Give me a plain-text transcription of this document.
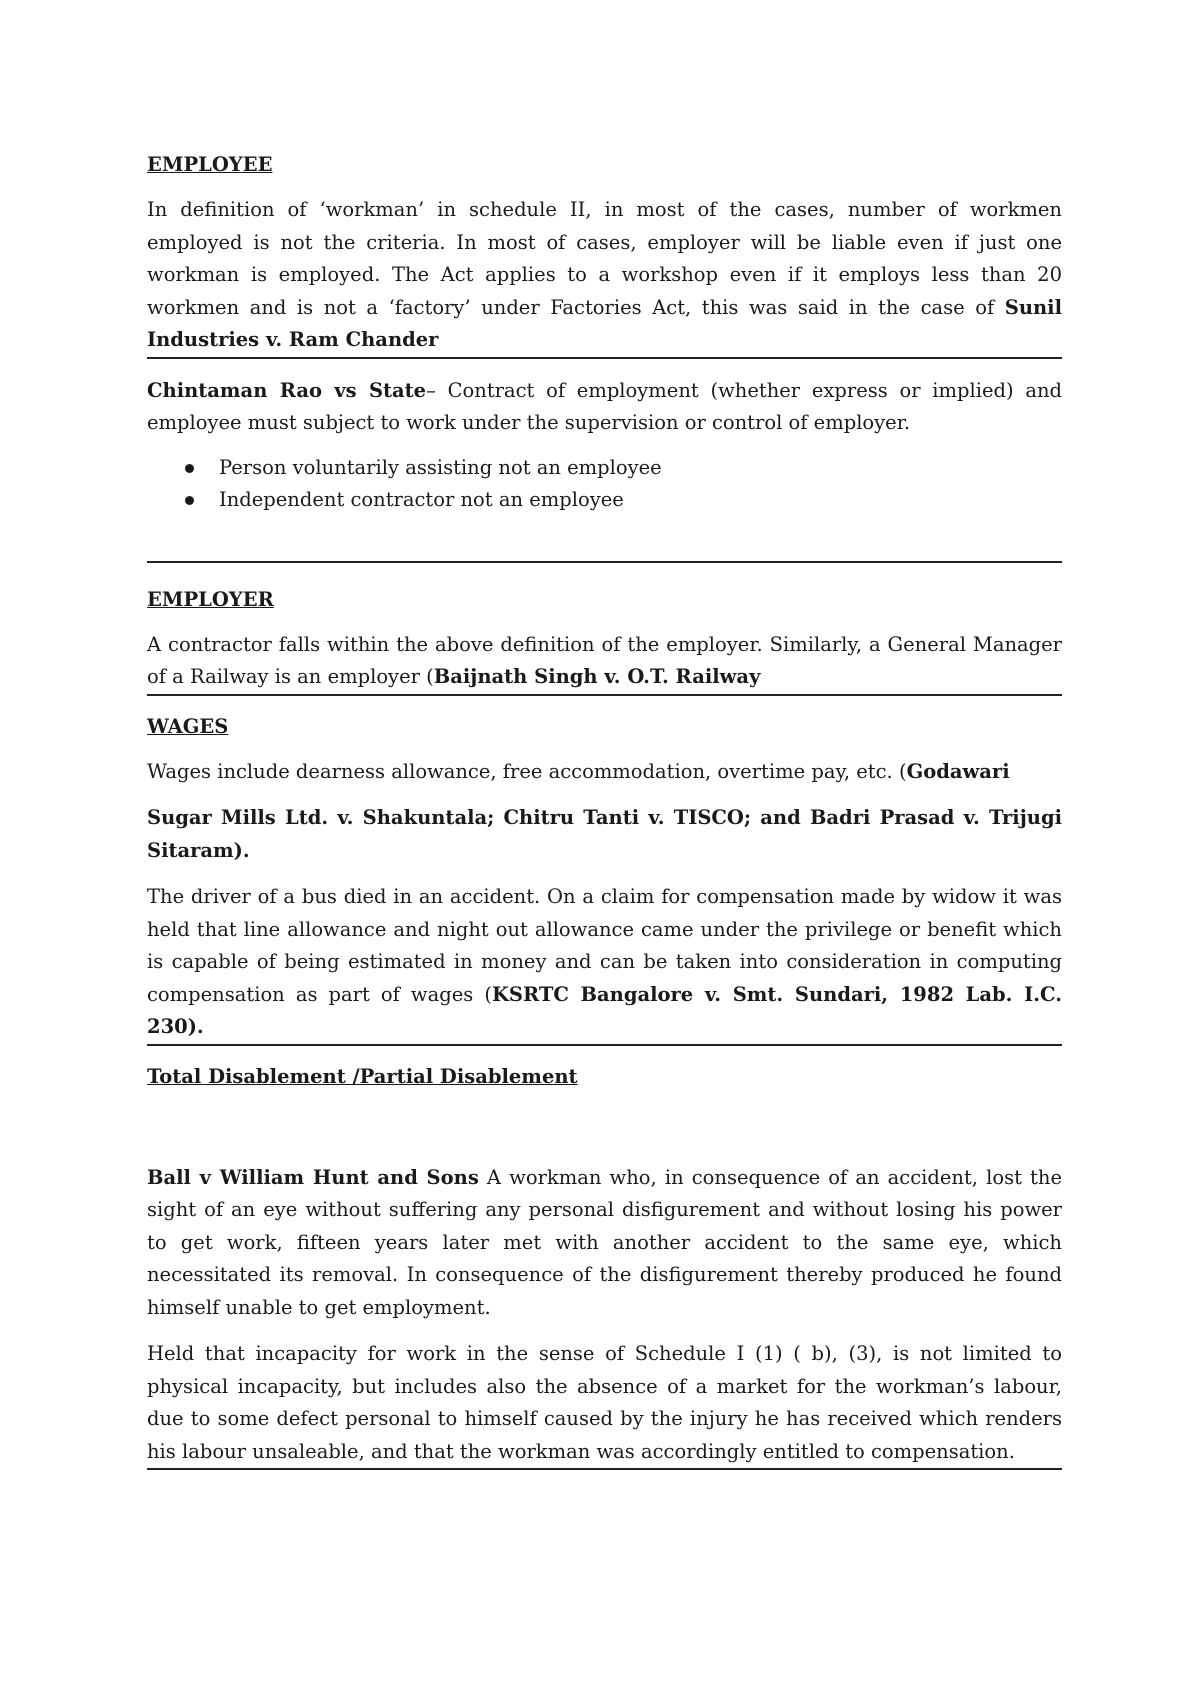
EMPLOYEE
In definition of ‘workman’ in schedule II, in most of the cases, number of workmen employed is not the criteria. In most of cases, employer will be liable even if just one workman is employed. The Act applies to a workshop even if it employs less than 20 workmen and is not a ‘factory’ under Factories Act, this was said in the case of Sunil Industries v. Ram Chander
Chintaman Rao vs State– Contract of employment (whether express or implied) and employee must subject to work under the supervision or control of employer.
Person voluntarily assisting not an employee
Independent contractor not an employee
EMPLOYER
A contractor falls within the above definition of the employer. Similarly, a General Manager of a Railway is an employer (Baijnath Singh v. O.T. Railway
WAGES
Wages include dearness allowance, free accommodation, overtime pay, etc. (Godawari
Sugar Mills Ltd. v. Shakuntala; Chitru Tanti v. TISCO; and Badri Prasad v. Trijugi Sitaram).
The driver of a bus died in an accident. On a claim for compensation made by widow it was held that line allowance and night out allowance came under the privilege or benefit which is capable of being estimated in money and can be taken into consideration in computing compensation as part of wages (KSRTC Bangalore v. Smt. Sundari, 1982 Lab. I.C. 230).
Total Disablement /Partial Disablement
Ball v William Hunt and Sons A workman who, in consequence of an accident, lost the sight of an eye without suffering any personal disfigurement and without losing his power to get work, fifteen years later met with another accident to the same eye, which necessitated its removal. In consequence of the disfigurement thereby produced he found himself unable to get employment.
Held that incapacity for work in the sense of Schedule I (1) ( b), (3), is not limited to physical incapacity, but includes also the absence of a market for the workman’s labour, due to some defect personal to himself caused by the injury he has received which renders his labour unsaleable, and that the workman was accordingly entitled to compensation.
